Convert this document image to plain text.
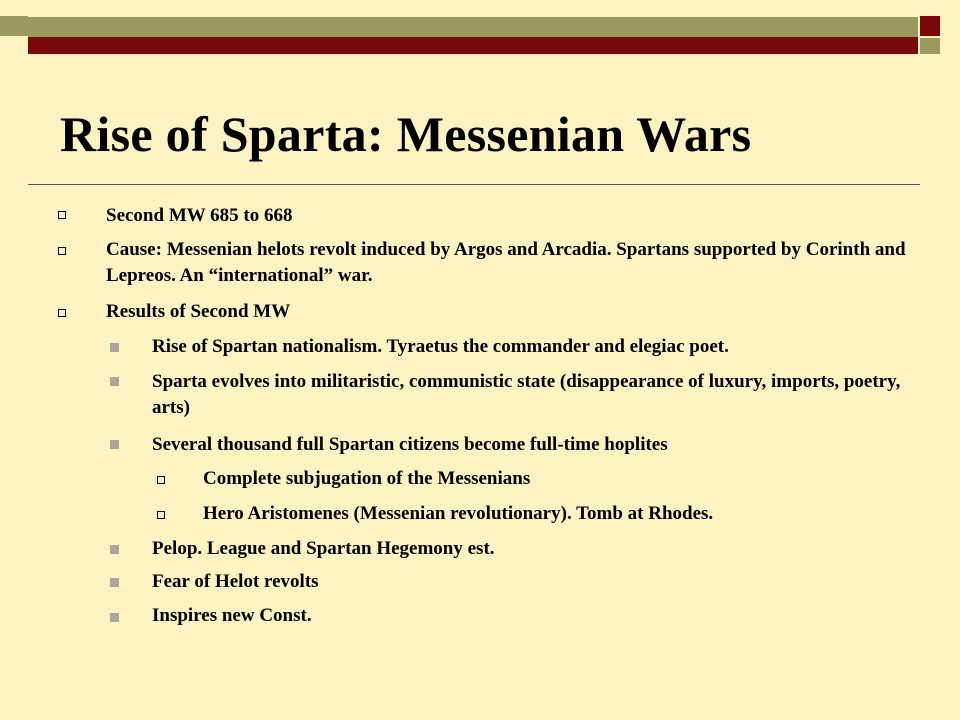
Rise of Sparta: Messenian Wars
Second MW 685 to 668
Cause: Messenian helots revolt induced by Argos and Arcadia. Spartans supported by Corinth and Lepreos. An “international” war.
Results of Second MW
Rise of Spartan nationalism. Tyraetus the commander and elegiac poet.
Sparta evolves into militaristic, communistic state (disappearance of luxury, imports, poetry, arts)
Several thousand full Spartan citizens become full-time hoplites
Complete subjugation of the Messenians
Hero Aristomenes (Messenian revolutionary). Tomb at Rhodes.
Pelop. League and Spartan Hegemony est.
Fear of Helot revolts
Inspires new Const.
